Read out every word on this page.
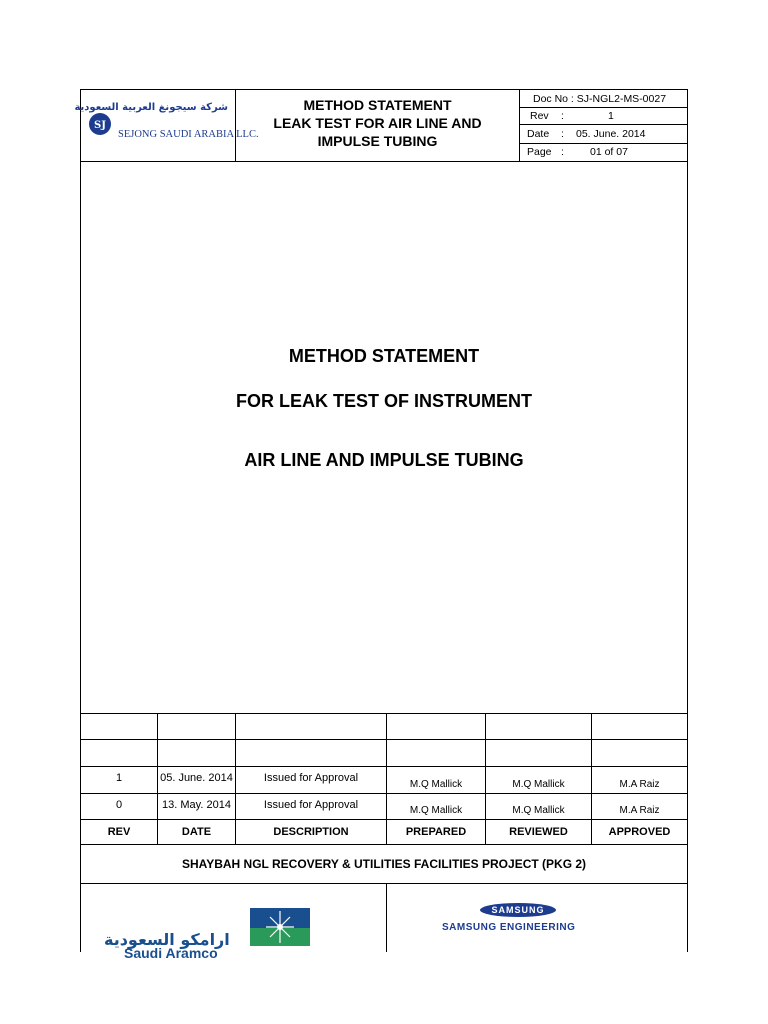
SJ
شركة سيجونغ العربية السعودية
SEJONG SAUDI ARABIA LLC.
METHOD STATEMENT
LEAK TEST FOR AIR LINE AND
IMPULSE TUBING
Doc No : SJ-NGL2-MS-0027
Rev :	1
Date : 05. June. 2014
Page : 01 of 07
METHOD STATEMENT
FOR LEAK TEST OF INSTRUMENT
AIR LINE AND IMPULSE TUBING
1	05. June. 2014	Issued for Approval	M.Q Mallick	M.Q Mallick	M.A Raiz
0	13. May. 2014	Issued for Approval	M.Q Mallick	M.Q Mallick	M.A Raiz
REV	DATE	DESCRIPTION	PREPARED	REVIEWED	APPROVED
SHAYBAH NGL RECOVERY & UTILITIES FACILITIES PROJECT (PKG 2)
ارامكو السعودية
Saudi Aramco
SAMSUNG
SAMSUNG ENGINEERING
